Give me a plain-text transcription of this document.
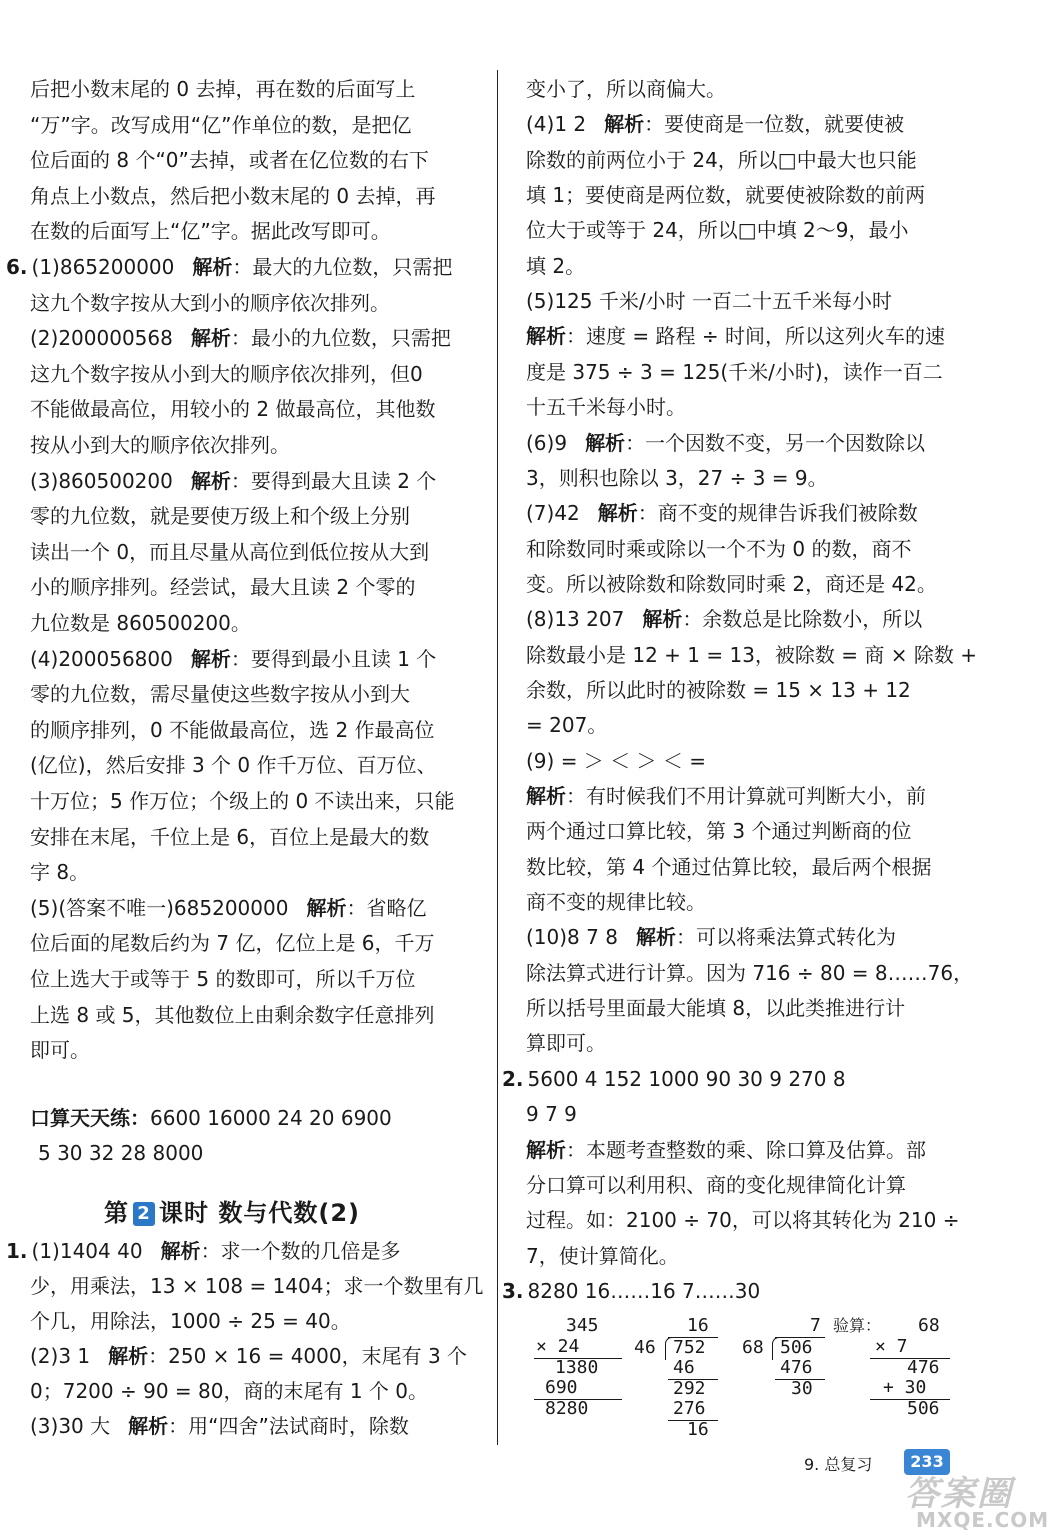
后把小数末尾的 0 去掉，再在数的后面写上
“万”字。改写成用“亿”作单位的数，是把亿
位后面的 8 个“0”去掉，或者在亿位数的右下
角点上小数点，然后把小数末尾的 0 去掉，再
在数的后面写上“亿”字。据此改写即可。
6. (1)865200000 解析：最大的九位数，只需把
这九个数字按从大到小的顺序依次排列。
(2)200000568 解析：最小的九位数，只需把
这九个数字按从小到大的顺序依次排列，但0
不能做最高位，用较小的 2 做最高位，其他数
按从小到大的顺序依次排列。
(3)860500200 解析：要得到最大且读 2 个
零的九位数，就是要使万级上和个级上分别
读出一个 0，而且尽量从高位到低位按从大到
小的顺序排列。经尝试，最大且读 2 个零的
九位数是 860500200。
(4)200056800 解析：要得到最小且读 1 个
零的九位数，需尽量使这些数字按从小到大
的顺序排列，0 不能做最高位，选 2 作最高位
(亿位)，然后安排 3 个 0 作千万位、百万位、
十万位；5 作万位；个级上的 0 不读出来，只能
安排在末尾，千位上是 6，百位上是最大的数
字 8。
(5)(答案不唯一)685200000 解析：省略亿
位后面的尾数后约为 7 亿，亿位上是 6，千万
位上选大于或等于 5 的数即可，所以千万位
上选 8 或 5，其他数位上由剩余数字任意排列
即可。
变小了，所以商偏大。
(4)1 2 解析：要使商是一位数，就要使被
除数的前两位小于 24，所以□中最大也只能
填 1；要使商是两位数，就要使被除数的前两
位大于或等于 24，所以□中填 2～9，最小
填 2。
(5)125 千米/小时 一百二十五千米每小时
解析：速度 = 路程 ÷ 时间，所以这列火车的速
度是 375 ÷ 3 = 125(千米/小时)，读作一百二
十五千米每小时。
(6)9 解析：一个因数不变，另一个因数除以
3，则积也除以 3，27 ÷ 3 = 9。
(7)42 解析：商不变的规律告诉我们被除数
和除数同时乘或除以一个不为 0 的数，商不
变。所以被除数和除数同时乘 2，商还是 42。
(8)13 207 解析：余数总是比除数小，所以
除数最小是 12 + 1 = 13，被除数 = 商 × 除数 +
余数，所以此时的被除数 = 15 × 13 + 12
= 207。
(9) = ＞ ＜ ＞ ＜ =
解析：有时候我们不用计算就可判断大小，前
两个通过口算比较，第 3 个通过判断商的位
数比较，第 4 个通过估算比较，最后两个根据
商不变的规律比较。
(10)8 7 8 解析：可以将乘法算式转化为
除法算式进行计算。因为 716 ÷ 80 = 8……76，
所以括号里面最大能填 8，以此类推进行计
算即可。
2. 5600 4 152 1000 90 30 9 270 8
9 7 9
解析：本题考查整数的乘、除口算及估算。部
分口算可以利用积、商的变化规律简化计算
过程。如：2100 ÷ 70，可以将其转化为 210 ÷
7，使计算简化。
3. 8280 16……16 7……30
口算天天练：6600 16000 24 20 6900
5 30 32 28 8000
第 2 课时 数与代数(2)
1. (1)1404 40 解析：求一个数的几倍是多
少，用乘法，13 × 108 = 1404；求一个数里有几
个几，用除法，1000 ÷ 25 = 40。
(2)3 1 解析：250 × 16 = 4000，末尾有 3 个
0；7200 ÷ 90 = 80，商的末尾有 1 个 0。
(3)30 大 解析：用“四舍”法试商时，除数
345
× 24
1380
690
8280
16
46 752
46
292
276
16
7
68 506
476
30
验算： 68
× 7
476
+ 30
506
9. 总复习	233
答案圈
MXQE.COM
